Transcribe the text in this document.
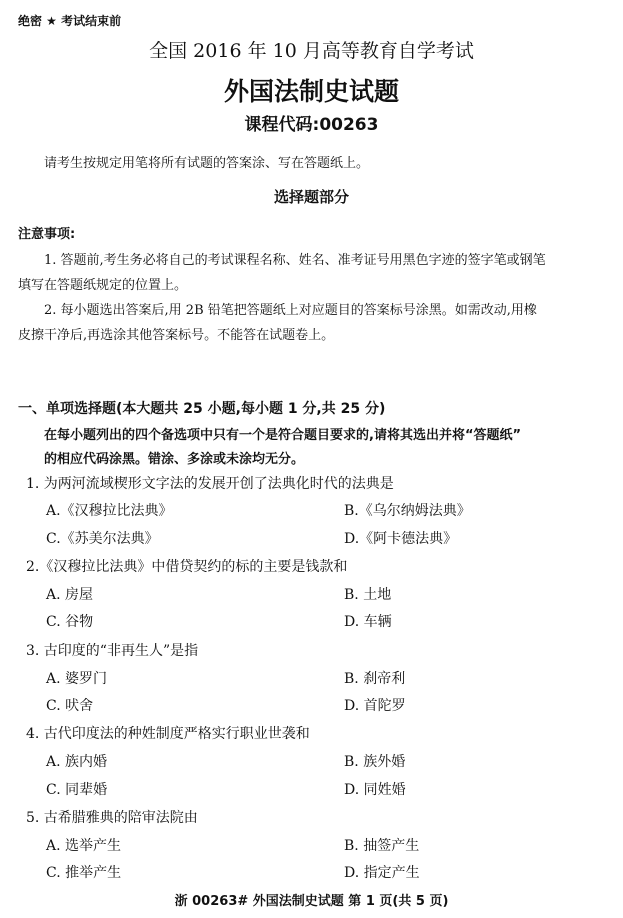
绝密 ★ 考试结束前
全国 2016 年 10 月高等教育自学考试
外国法制史试题
课程代码:00263
请考生按规定用笔将所有试题的答案涂、写在答题纸上。
选择题部分
注意事项:
1. 答题前,考生务必将自己的考试课程名称、姓名、准考证号用黑色字迹的签字笔或钢笔
填写在答题纸规定的位置上。
2. 每小题选出答案后,用 2B 铅笔把答题纸上对应题目的答案标号涂黑。如需改动,用橡
皮擦干净后,再选涂其他答案标号。不能答在试题卷上。
一、单项选择题(本大题共 25 小题,每小题 1 分,共 25 分)
在每小题列出的四个备选项中只有一个是符合题目要求的,请将其选出并将“答题纸”
的相应代码涂黑。错涂、多涂或未涂均无分。
1. 为两河流域楔形文字法的发展开创了法典化时代的法典是
A.《汉穆拉比法典》	B.《乌尔纳姆法典》
C.《苏美尔法典》	D.《阿卡德法典》
2.《汉穆拉比法典》中借贷契约的标的主要是钱款和
A. 房屋	B. 土地
C. 谷物	D. 车辆
3. 古印度的“非再生人”是指
A. 婆罗门	B. 刹帝利
C. 吠舍	D. 首陀罗
4. 古代印度法的种姓制度严格实行职业世袭和
A. 族内婚	B. 族外婚
C. 同辈婚	D. 同姓婚
5. 古希腊雅典的陪审法院由
A. 选举产生	B. 抽签产生
C. 推举产生	D. 指定产生
浙 00263# 外国法制史试题 第 1 页(共 5 页)
